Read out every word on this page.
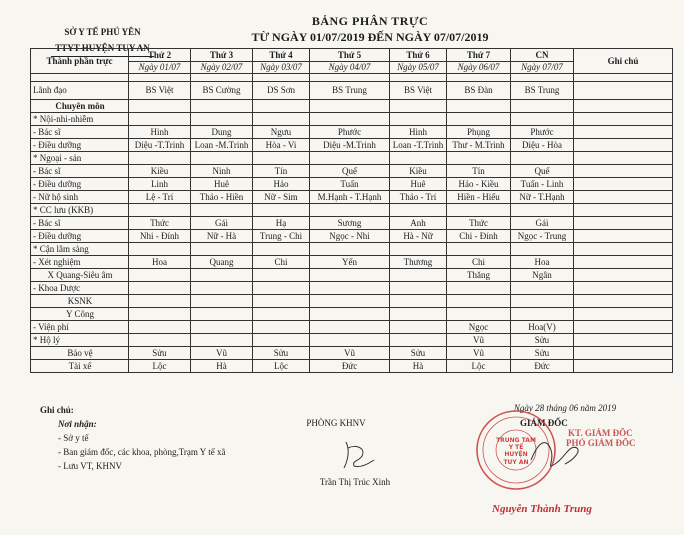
SỞ Y TẾ PHÚ YÊN
TTYT HUYỆN TUY AN
BẢNG PHÂN TRỰC
TỪ NGÀY 01/07/2019 ĐẾN NGÀY 07/07/2019
Thành phần trực	Thứ 2	Thứ 3	Thứ 4	Thứ 5	Thứ 6	Thứ 7	CN	Ghi chú
	Ngày 01/07	Ngày 02/07	Ngày 03/07	Ngày 04/07	Ngày 05/07	Ngày 06/07	Ngày 07/07	

Lãnh đạo	BS Việt	BS Cường	DS Sơn	BS Trung	BS Việt	BS Đàn	BS Trung	
Chuyên môn								
* Nội-nhi-nhiễm								
- Bác sĩ	Hinh	Dung	Ngưu	Phước	Hinh	Phụng	Phước	
- Điều dưỡng	Diệu -T.Trinh	Loan -M.Trinh	Hòa - Vi	Diệu -M.Trinh	Loan -T.Trinh	Thư - M.Trinh	Diệu - Hòa	
* Ngoại - sản								
- Bác sĩ	Kiều	Ninh	Tín	Quế	Kiều	Tín	Quế	
- Điều dưỡng	Linh	Huê	Hảo	Tuấn	Huê	Hảo - Kiều	Tuấn - Linh	
- Nữ hộ sinh	Lệ - Trí	Thảo - Hiền	Nữ - Sim	M.Hạnh - T.Hạnh	Thảo - Trí	Hiền - Hiếu	Nữ - T.Hạnh	
* CC lưu (KKB)								
- Bác sĩ	Thức	Gái	Hạ	Sương	Anh	Thức	Gái	
- Điều dưỡng	Nhi - Đính	Nữ - Hà	Trung - Chi	Ngọc - Nhi	Hà - Nữ	Chi - Đính	Ngọc - Trung	
* Cận lâm sàng								
- Xét nghiệm	Hoa	Quang	Chi	Yến	Thương	Chi	Hoa	
X Quang-Siêu âm						Thăng	Ngân	
- Khoa Dược								
KSNK								
Y Công								
- Viện phí						Ngọc	Hoa(V)	
* Hộ lý						Vũ	Sửu	
Bảo vệ	Sửu	Vũ	Sửu	Vũ	Sửu	Vũ	Sửu	
Tài xế	Lộc	Hà	Lộc	Đức	Hà	Lộc	Đức	
Ghi chú:
Nơi nhận:
- Sở y tế
- Ban giám đốc, các khoa, phòng,Trạm Y tế xã
- Lưu VT, KHNV
PHÒNG KHNV
Trần Thị Trúc Xinh
Ngày 28 tháng 06 năm 2019
GIÁM ĐỐC
KT. GIÁM ĐỐC
PHÓ GIÁM ĐỐC
TRUNG TÂM
Y TẾ
HUYỆN
TUY AN
Nguyễn Thành Trung
